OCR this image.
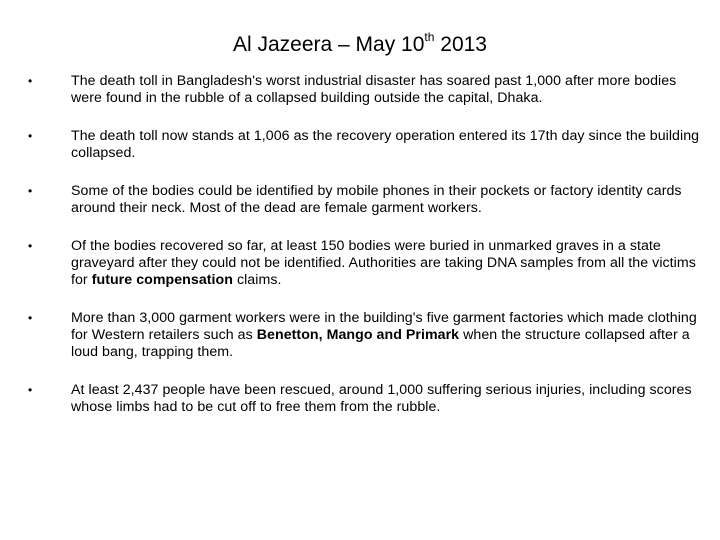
Al Jazeera – May 10th 2013
•	The death toll in Bangladesh's worst industrial disaster has soared past 1,000 after more bodies were found in the rubble of a collapsed building outside the capital, Dhaka.
•	The death toll now stands at 1,006 as the recovery operation entered its 17th day since the building collapsed.
•	Some of the bodies could be identified by mobile phones in their pockets or factory identity cards around their neck. Most of the dead are female garment workers.
•	Of the bodies recovered so far, at least 150 bodies were buried in unmarked graves in a state graveyard after they could not be identified. Authorities are taking DNA samples from all the victims for future compensation claims.
•	More than 3,000 garment workers were in the building's five garment factories which made clothing for Western retailers such as Benetton, Mango and Primark when the structure collapsed after a loud bang, trapping them.
•	At least 2,437 people have been rescued, around 1,000 suffering serious injuries, including scores whose limbs had to be cut off to free them from the rubble.
